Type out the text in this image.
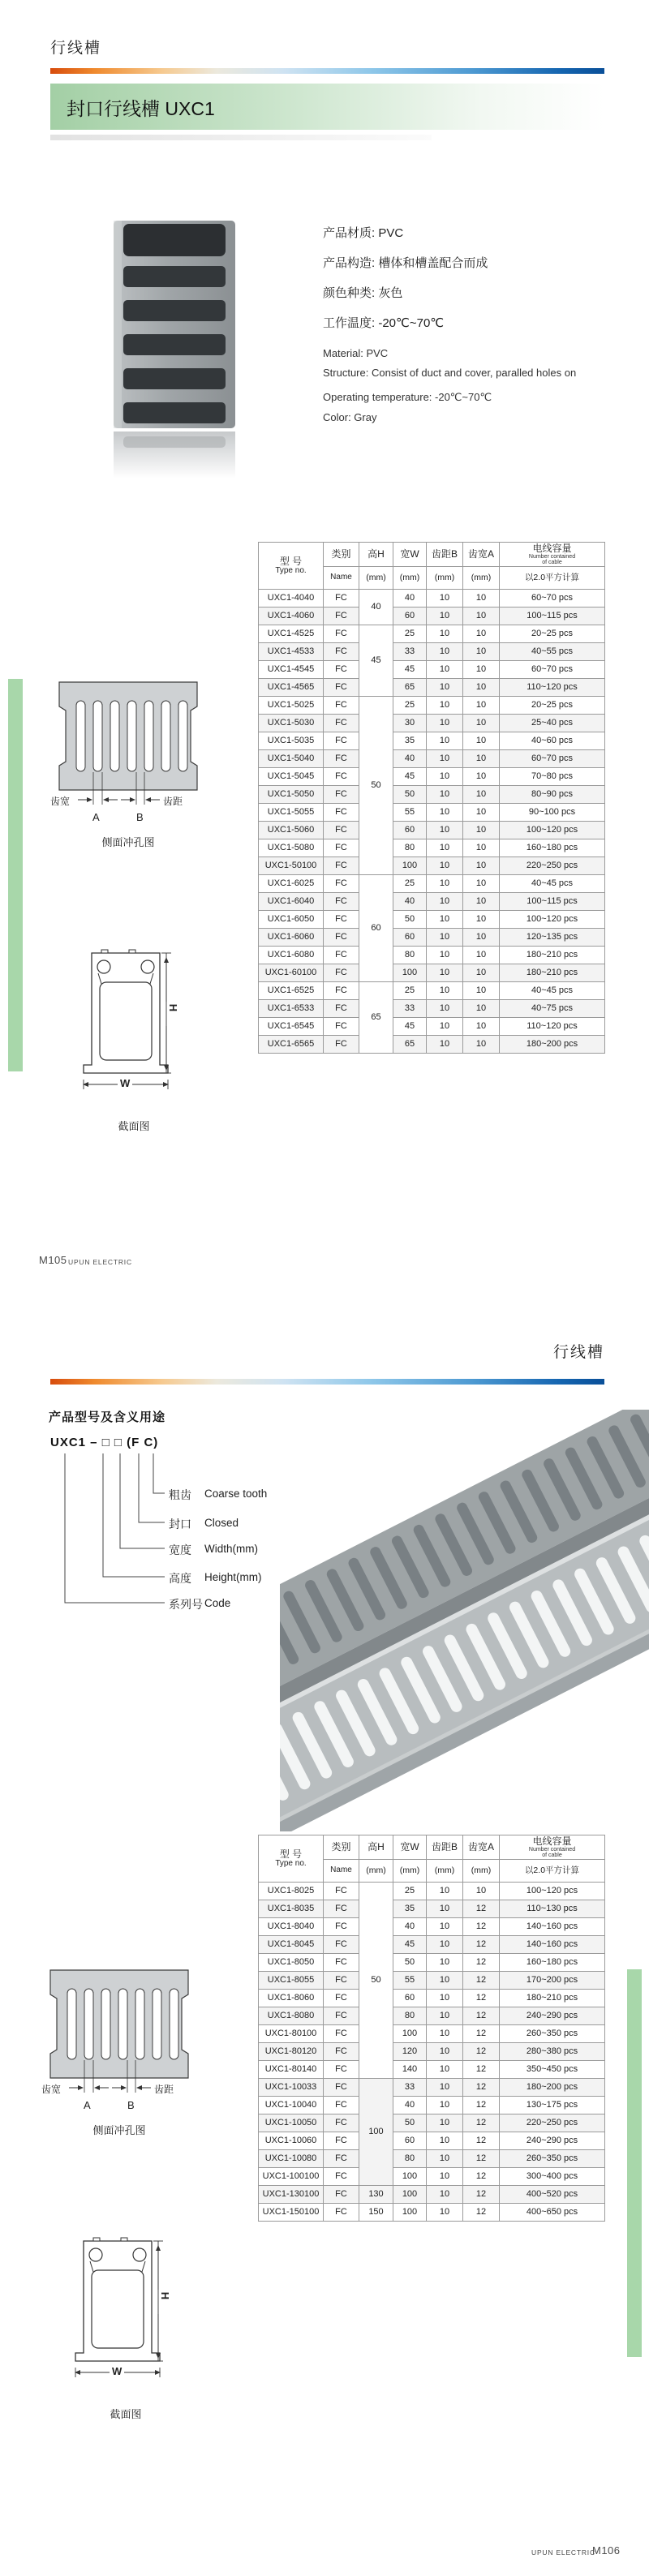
行线槽
封口行线槽 UXC1
产品材质: PVC
产品构造: 槽体和槽盖配合而成
颜色种类: 灰色
工作温度: -20℃~70℃
Material: PVC
Structure: Consist of duct and cover, paralled holes on
Operating temperature: -20℃~70℃
Color: Gray
型 号
Type no.
	类别	高H	宽W	齿距B	齿宽A	电线容量
Number contained
of cable

	Name	(mm)	(mm)	(mm)	(mm)	以2.0平方计算
UXC1-4040	FC	40	40	10	10	60~70 pcs
UXC1-4060	FC		60	10	10	100~115 pcs
UXC1-4525	FC	45	25	10	10	20~25 pcs
UXC1-4533	FC		33	10	10	40~55 pcs
UXC1-4545	FC		45	10	10	60~70 pcs
UXC1-4565	FC		65	10	10	110~120 pcs
UXC1-5025	FC	50	25	10	10	20~25 pcs
UXC1-5030	FC		30	10	10	25~40 pcs
UXC1-5035	FC		35	10	10	40~60 pcs
UXC1-5040	FC		40	10	10	60~70 pcs
UXC1-5045	FC		45	10	10	70~80 pcs
UXC1-5050	FC		50	10	10	80~90 pcs
UXC1-5055	FC		55	10	10	90~100 pcs
UXC1-5060	FC		60	10	10	100~120 pcs
UXC1-5080	FC		80	10	10	160~180 pcs
UXC1-50100	FC		100	10	10	220~250 pcs
UXC1-6025	FC	60	25	10	10	40~45 pcs
UXC1-6040	FC		40	10	10	100~115 pcs
UXC1-6050	FC		50	10	10	100~120 pcs
UXC1-6060	FC		60	10	10	120~135 pcs
UXC1-6080	FC		80	10	10	180~210 pcs
UXC1-60100	FC		100	10	10	180~210 pcs
UXC1-6525	FC	65	25	10	10	40~45 pcs
UXC1-6533	FC		33	10	10	40~75 pcs
UXC1-6545	FC		45	10	10	110~120 pcs
UXC1-6565	FC		65	10	10	180~200 pcs
齿宽
A
齿距
B
侧面冲孔图
H
W
截面图
M105 UPUN ELECTRIC
行线槽
产品型号及含义用途
UXC1 – □ □ (F C)
粗齿 Coarse tooth
封口 Closed
宽度 Width(mm)
高度 Height(mm)
系列号 Code
型 号
Type no.
	类别	高H	宽W	齿距B	齿宽A	电线容量
Number contained
of cable

	Name	(mm)	(mm)	(mm)	(mm)	以2.0平方计算
UXC1-8025	FC	50	25	10	10	100~120 pcs
UXC1-8035	FC		35	10	12	110~130 pcs
UXC1-8040	FC		40	10	12	140~160 pcs
UXC1-8045	FC		45	10	12	140~160 pcs
UXC1-8050	FC		50	10	12	160~180 pcs
UXC1-8055	FC		55	10	12	170~200 pcs
UXC1-8060	FC		60	10	12	180~210 pcs
UXC1-8080	FC		80	10	12	240~290 pcs
UXC1-80100	FC		100	10	12	260~350 pcs
UXC1-80120	FC		120	10	12	280~380 pcs
UXC1-80140	FC		140	10	12	350~450 pcs
UXC1-10033	FC	100	33	10	12	180~200 pcs
UXC1-10040	FC		40	10	12	130~175 pcs
UXC1-10050	FC		50	10	12	220~250 pcs
UXC1-10060	FC		60	10	12	240~290 pcs
UXC1-10080	FC		80	10	12	260~350 pcs
UXC1-100100	FC		100	10	12	300~400 pcs
UXC1-130100	FC	130	100	10	12	400~520 pcs
UXC1-150100	FC	150	100	10	12	400~650 pcs
齿宽
A
齿距
B
侧面冲孔图
H
W
截面图
UPUN ELECTRIC
M106
